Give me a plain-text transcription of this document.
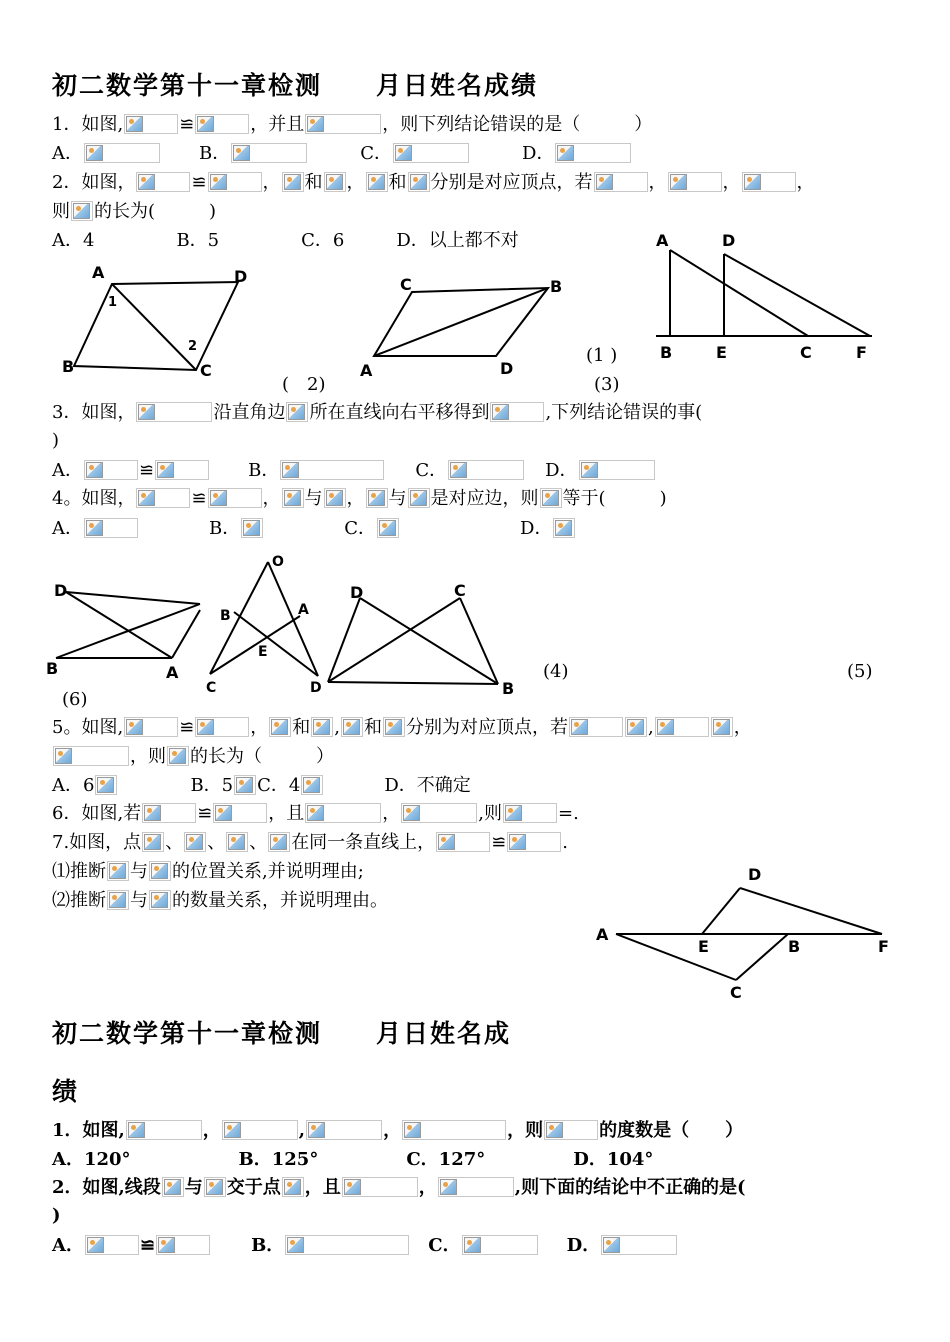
初二数学第十一章检测　　月日姓名成绩
1．如图,	≌	，并且	，则下列结论错误的是（　　　）
A．	B．	C．	D．
2．如图，	≌	， 和 ， 和 分别是对应顶点，若	，	，	，
则 的长为(　　　)
A．4	B．5	C．6	D．以上都不对
A	D
B	C
1
2
(　2)
C	B
A	D
(1 )
(3)
A	D
B	E	C	F
3．如图，	沿直角边 所在直线向右平移得到	,下列结论错误的事(
)
A．	≌	B．	C．	D．
4。如图，	≌	， 与 ， 与 是对应边，则 等于(　　　)
A．	B．	C．	D．
D
B	A
O
B	A
E
C	D
D	C
B
(4)	(5)
(6)
5。如图,	≌	， 和 , 和 分别为对应顶点，若	,	，
，则 的长为（　　　）
A．6	B．5 C．4	D．不确定
6．如图,若	≌	，且	，	,则	=.
7.如图，点 、 、 、 在同一条直线上，	≌	.
⑴推断 与 的位置关系,并说明理由;
⑵推断 与 的数量关系，并说明理由。
D
A
E	B	F
C
初二数学第十一章检测　　月日姓名成
绩
1．如图,	，	,	，	，则	的度数是（　　）
A．120°	B．125°	C．127°	D．104°
2．如图,线段 与 交于点 ，且	，	,则下面的结论中不正确的是(
)
A．	≌	B．	C．	D．
